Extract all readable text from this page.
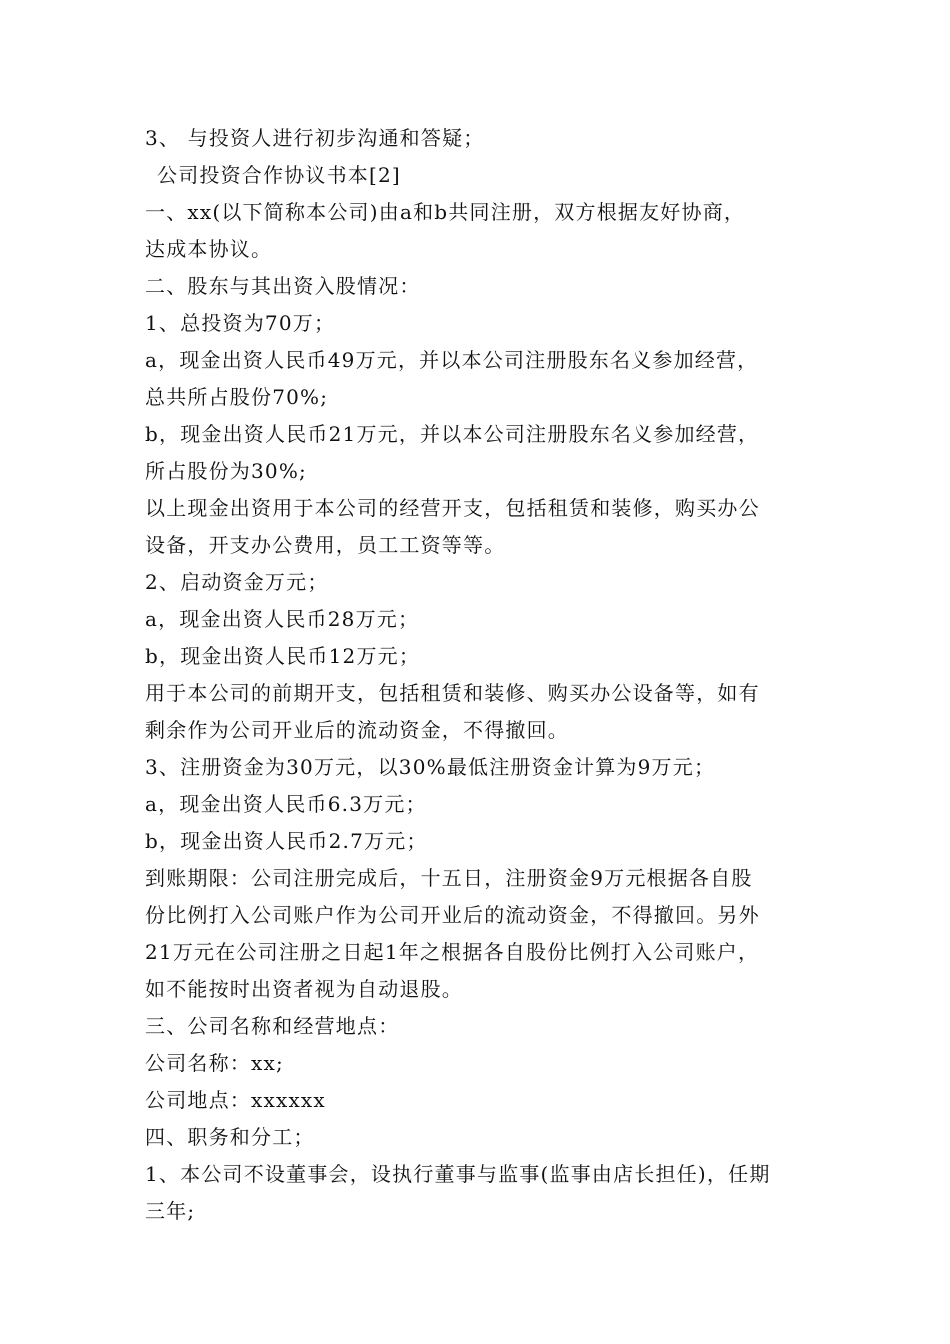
3、 与投资人进行初步沟通和答疑；
公司投资合作协议书本[2]
一、xx(以下简称本公司)由a和b共同注册，双方根据友好协商，
达成本协议。
二、股东与其出资入股情况：
1、总投资为70万；
a，现金出资人民币49万元，并以本公司注册股东名义参加经营，
总共所占股份70%;
b，现金出资人民币21万元，并以本公司注册股东名义参加经营，
所占股份为30%;
以上现金出资用于本公司的经营开支，包括租赁和装修，购买办公
设备，开支办公费用，员工工资等等。
2、启动资金万元；
a，现金出资人民币28万元；
b，现金出资人民币12万元；
用于本公司的前期开支，包括租赁和装修、购买办公设备等，如有
剩余作为公司开业后的流动资金，不得撤回。
3、注册资金为30万元，以30%最低注册资金计算为9万元；
a，现金出资人民币6.3万元；
b，现金出资人民币2.7万元；
到账期限：公司注册完成后，十五日，注册资金9万元根据各自股
份比例打入公司账户作为公司开业后的流动资金，不得撤回。另外
21万元在公司注册之日起1年之根据各自股份比例打入公司账户，
如不能按时出资者视为自动退股。
三、公司名称和经营地点：
公司名称：xx;
公司地点：xxxxxx
四、职务和分工；
1、本公司不设董事会，设执行董事与监事(监事由店长担任)，任期
三年;
